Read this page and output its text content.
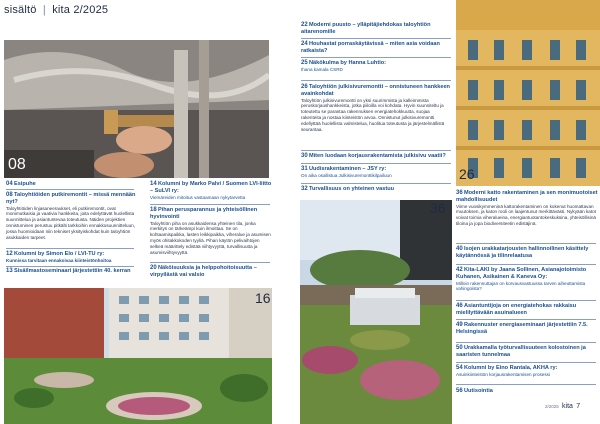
sisältö | kita 2/2025
08
04 Esipuhe
08 Taloyhtiöiden putkiremontit – missä mennään nyt?
Taloyhtiöiden linjasaneeraukset, eli putkiremontit, ovat monimutkaisia ja vaativia hankkeita, joita edelyttävät huolellista suunnittelua ja asiantuntevaa toteutusta. Näiden projektien onnistuminen perustuu pitkälti tarkkoihin ennakkosuunnitteluun, jossa huomioidaan niin tekniset yksityiskohdat kuin taloyhtiön asukkaiden tarpeet.
12 Kolumni by Simon Elo / LVI-TU ry:
Kunnissa tarvitaan ennakoivaa kiinteistönhoitoa
13 Sisäilmastoseminaari järjestettiin 40. kerran
14 Kolumni by Marko Palvi / Suomen LVI-liitto – SuLVI ry:
Viemäreiden mitoitus vastaamaan nykytarvetta
18 Pihan perusparannus ja yhteisöllinen hyvinvointi
Taloyhtiön piha on asukkaidensa yhteinen tila, jonka merkitys on tärkeämpi kuin ilmoittaa. Se on kohtaamispaikka, lasten leikkipaikka, viheralue ja asumisen myös ohitakkokoden tyyliä. Pihan käytön pelivaihtojen selkeä määrittely edistää viihtyvyyttä, turvallisuutta ja asumisviihtyvyyttä.
20 Näköisuuksia ja helppohoitoisuutta – virpyilästä vai valsio
16
22 Moderni puusto – ylläpitäjiehdokas taloyhtiön aitarenomille
24 Houhastat porraskäytävissä – miten asia voidaan ratkaista?
25 Näkökulma by Hanna Luhtio:
Ihana kamala CSRD
26 Taloyhtiön julkisivuremontti – onnistuneen hankkeen avainkohdat
Taloyhtiön julkisivuremontti on yksi suurimmista ja kalleimmista peruskorjaushankkeista, jotka piiloilla voi kohdata. Hyvin suunniteltu ja toteutettu se parantaa rakennuksen energiatehokkuutta, suojaa rakenteita ja nostaa kiinteistön arvoa. Onnistunut julkisivuremontti edellyttää huolellista valmistelua, huolitua toteutusta ja järjestelmällistä seurantaa.
30 Miten luodaan korjausrakentamista julkisivu vaatii?
31 Uudisrakentaminen – JSY ry:
On aika osallistua Julkisivuremonttikilpailuun
32 Turvallisuus on yhteinen vastuu
26
36
36 Moderni katto rakentaminen ja sen monimuotoiset mahdollisuudet
Viime vuosikymmeninä kattorakentaminen on kokenut huomattavan muutoksen, ja katon rooli on laajentunut merkittävästi. Nykyään katot voivat toimia viheralueina, energiantuotantokeskuksina, yhteisöllisinä tiloina ja jopa biodiversiteetin edistäjinä.
40 Isojen urakkatarjousten hallinnoilinen käsittely käytännössä ja tilinrelaatusa
42 Kita-LAKI by Jaana Sollinen, Asianajotoimisto Kuhanen, Asikainen & Kaneva Oy:
Milloin rakennuttajan on korvausvastuussa tarven aiheuttamista vahingoista?
46 Asiantuntijoja on energiatehokas rakkaisu mielilyttävään asuinalueen
49 Rakennuster energiaseminaari järjestettiin 7.5. Helsingissä
50 Urakkamalla työturvallisuuteen kolostoinen ja saaristen tunnelmaa
54 Kolumni by Eino Rantala, AKHA ry:
Asuinkiinteistön korjausrakentamisen prosessi
56 Uutisointia
2/2025 kita 7
